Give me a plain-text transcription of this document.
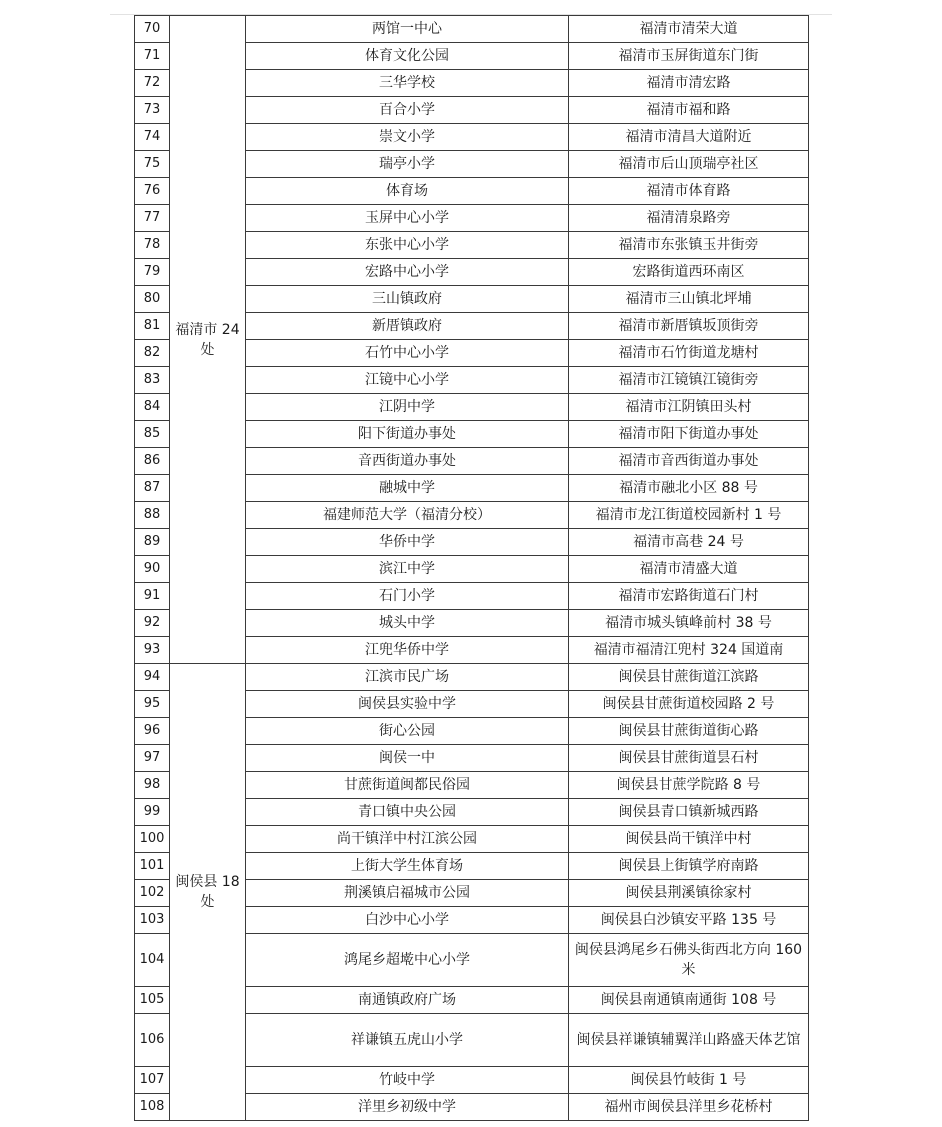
70	福清市 24 处	两馆一中心	福清市清荣大道
71		体育文化公园	福清市玉屏街道东门街
72		三华学校	福清市清宏路
73		百合小学	福清市福和路
74		崇文小学	福清市清昌大道附近
75		瑞亭小学	福清市后山顶瑞亭社区
76		体育场	福清市体育路
77		玉屏中心小学	福清清泉路旁
78		东张中心小学	福清市东张镇玉井街旁
79		宏路中心小学	宏路街道西环南区
80		三山镇政府	福清市三山镇北坪埔
81		新厝镇政府	福清市新厝镇坂顶街旁
82		石竹中心小学	福清市石竹街道龙塘村
83		江镜中心小学	福清市江镜镇江镜街旁
84		江阴中学	福清市江阴镇田头村
85		阳下街道办事处	福清市阳下街道办事处
86		音西街道办事处	福清市音西街道办事处
87		融城中学	福清市融北小区 88 号
88		福建师范大学（福清分校）	福清市龙江街道校园新村 1 号
89		华侨中学	福清市高巷 24 号
90		滨江中学	福清市清盛大道
91		石门小学	福清市宏路街道石门村
92		城头中学	福清市城头镇峰前村 38 号
93		江兜华侨中学	福清市福清江兜村 324 国道南
94	闽侯县 18 处	江滨市民广场	闽侯县甘蔗街道江滨路
95		闽侯县实验中学	闽侯县甘蔗街道校园路 2 号
96		街心公园	闽侯县甘蔗街道街心路
97		闽侯一中	闽侯县甘蔗街道昙石村
98		甘蔗街道闽都民俗园	闽侯县甘蔗学院路 8 号
99		青口镇中央公园	闽侯县青口镇新城西路
100		尚干镇洋中村江滨公园	闽侯县尚干镇洋中村
101		上街大学生体育场	闽侯县上街镇学府南路
102		荆溪镇启福城市公园	闽侯县荆溪镇徐家村
103		白沙中心小学	闽侯县白沙镇安平路 135 号
104		鸿尾乡超墘中心小学	闽侯县鸿尾乡石佛头街西北方向 160 米
105		南通镇政府广场	闽侯县南通镇南通街 108 号
106		祥谦镇五虎山小学	闽侯县祥谦镇辅翼洋山路盛天体艺馆
107		竹岐中学	闽侯县竹岐街 1 号
108		洋里乡初级中学	福州市闽侯县洋里乡花桥村
